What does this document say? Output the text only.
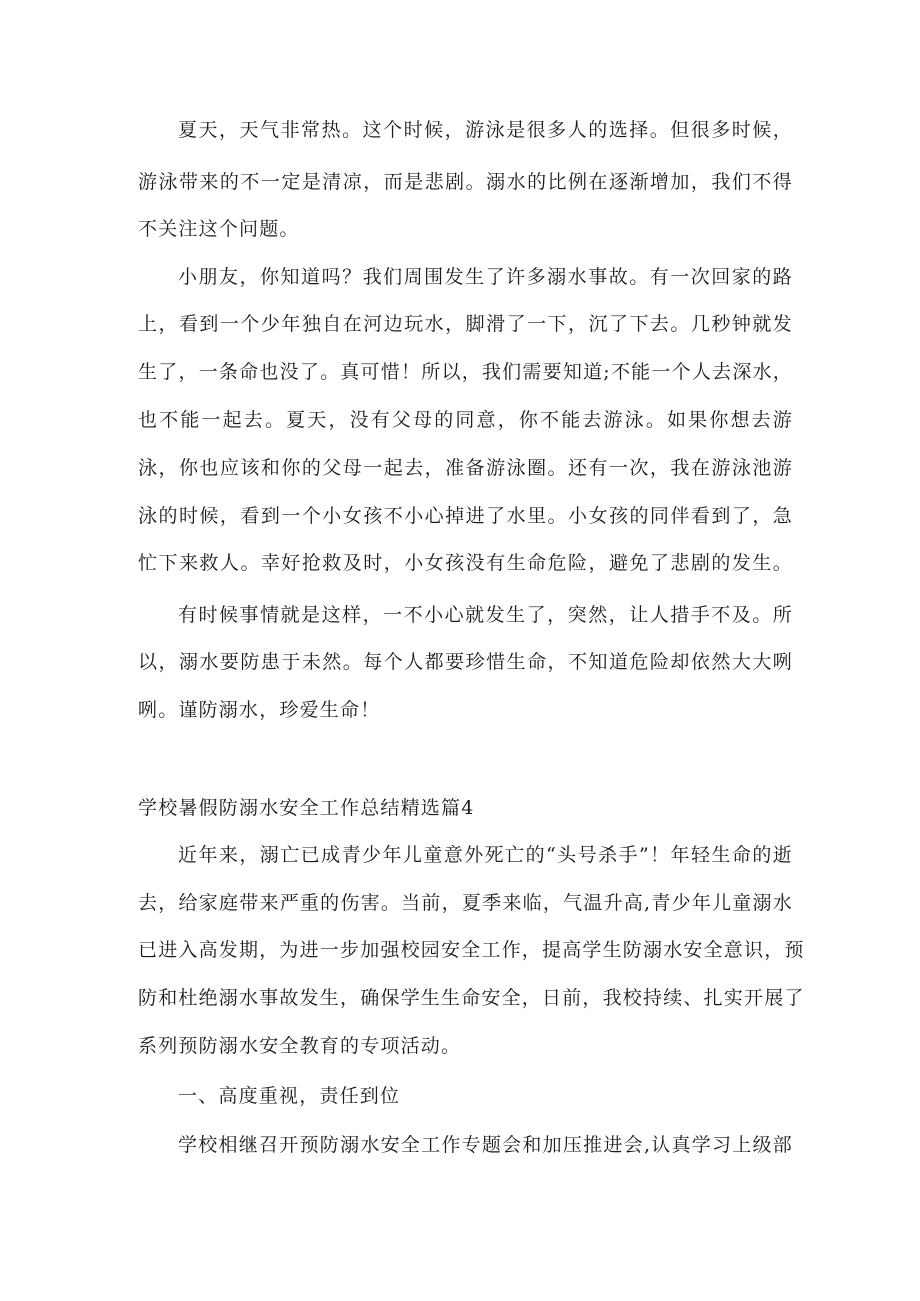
夏天，天气非常热。这个时候，游泳是很多人的选择。但很多时候，
游泳带来的不一定是清凉，而是悲剧。溺水的比例在逐渐增加，我们不得
不关注这个问题。
小朋友，你知道吗？我们周围发生了许多溺水事故。有一次回家的路
上，看到一个少年独自在河边玩水，脚滑了一下，沉了下去。几秒钟就发
生了，一条命也没了。真可惜！所以，我们需要知道;不能一个人去深水，
也不能一起去。夏天，没有父母的同意，你不能去游泳。如果你想去游
泳，你也应该和你的父母一起去，准备游泳圈。还有一次，我在游泳池游
泳的时候，看到一个小女孩不小心掉进了水里。小女孩的同伴看到了，急
忙下来救人。幸好抢救及时，小女孩没有生命危险，避免了悲剧的发生。
有时候事情就是这样，一不小心就发生了，突然，让人措手不及。所
以，溺水要防患于未然。每个人都要珍惜生命，不知道危险却依然大大咧
咧。谨防溺水，珍爱生命！
学校暑假防溺水安全工作总结精选篇4
近年来，溺亡已成青少年儿童意外死亡的“头号杀手”！年轻生命的逝
去，给家庭带来严重的伤害。当前，夏季来临，气温升高,青少年儿童溺水
已进入高发期，为进一步加强校园安全工作，提高学生防溺水安全意识，预
防和杜绝溺水事故发生，确保学生生命安全，日前，我校持续、扎实开展了
系列预防溺水安全教育的专项活动。
一、高度重视，责任到位
学校相继召开预防溺水安全工作专题会和加压推进会,认真学习上级部
